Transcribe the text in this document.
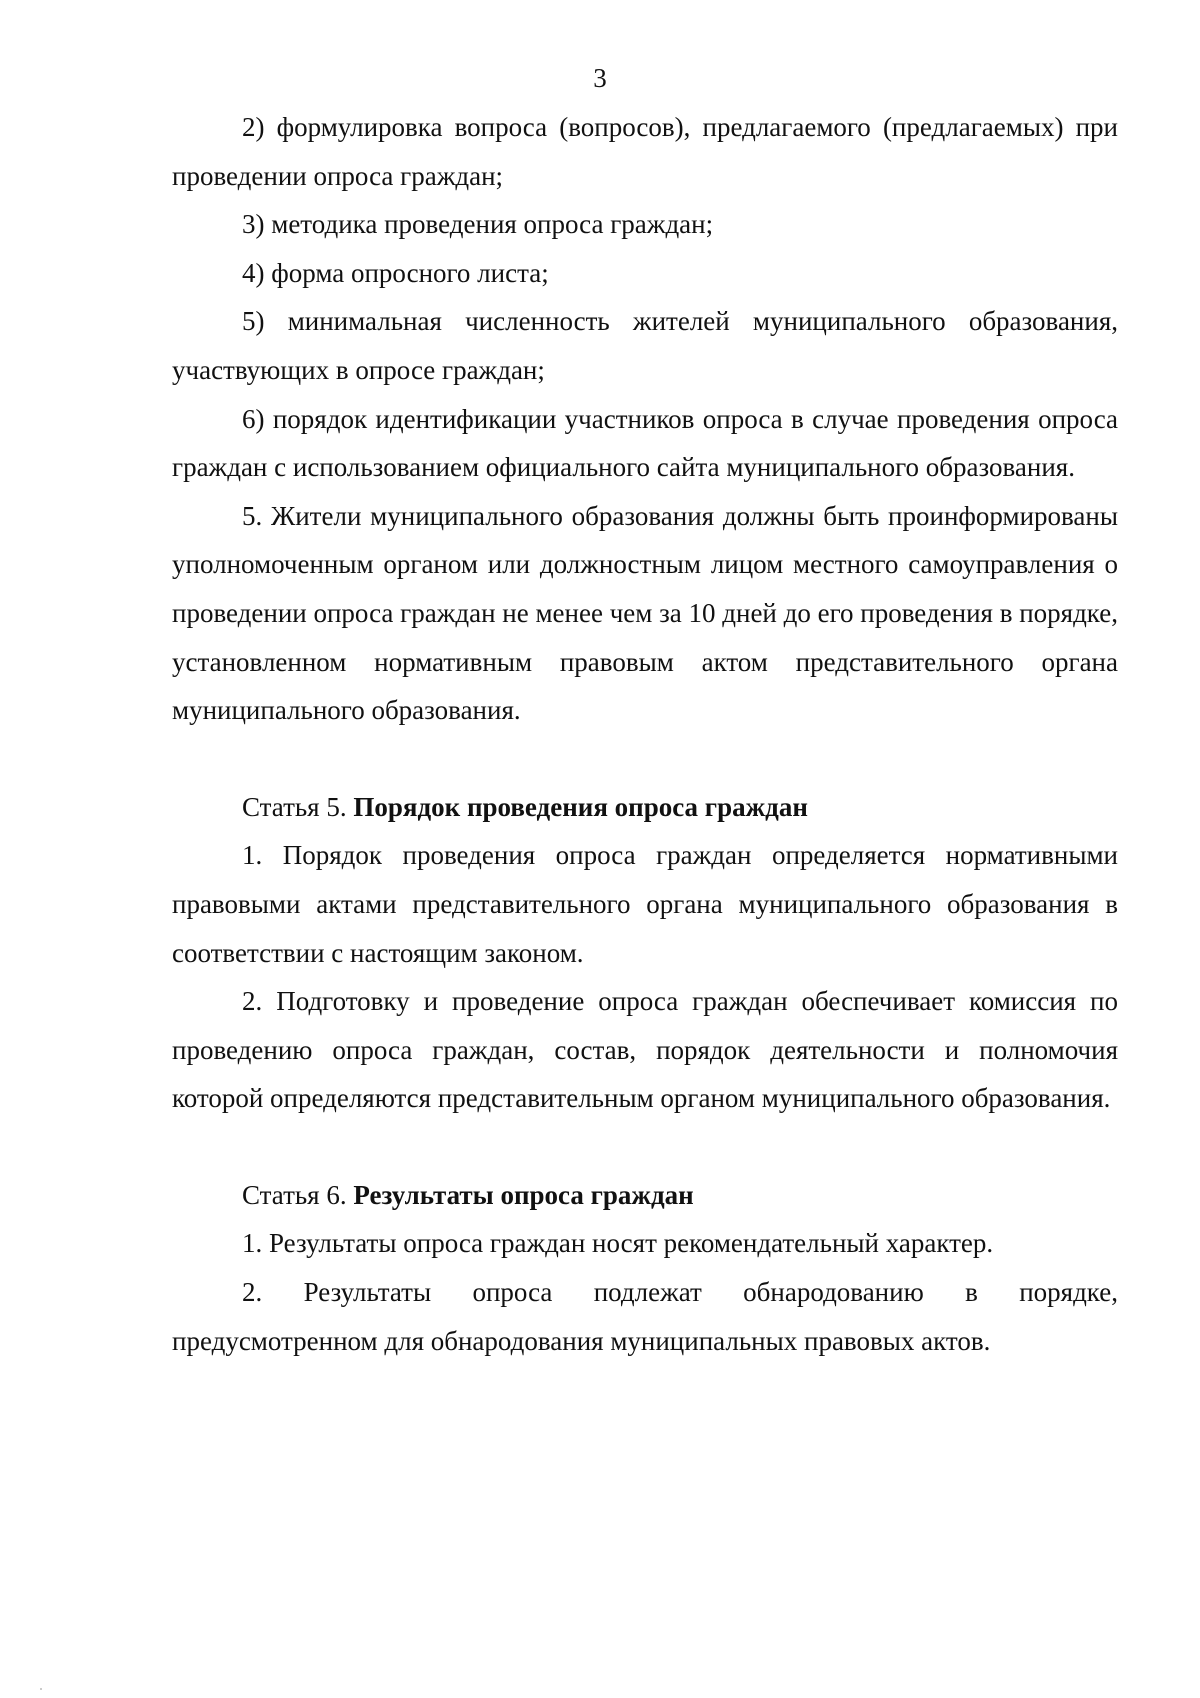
3

2) формулировка вопроса (вопросов), предлагаемого (предлагаемых) при проведении опроса граждан;

3) методика проведения опроса граждан;

4) форма опросного листа;

5) минимальная численность жителей муниципального образования, участвующих в опросе граждан;

6) порядок идентификации участников опроса в случае проведения опроса граждан с использованием официального сайта муниципального образования.

5. Жители муниципального образования должны быть проинформированы уполномоченным органом или должностным лицом местного самоуправления о проведении опроса граждан не менее чем за 10 дней до его проведения в порядке, установленном нормативным правовым актом представительного органа муниципального образования.

Статья 5. Порядок проведения опроса граждан

1. Порядок проведения опроса граждан определяется нормативными правовыми актами представительного органа муниципального образования в соответствии с настоящим законом.

2. Подготовку и проведение опроса граждан обеспечивает комиссия по проведению опроса граждан, состав, порядок деятельности и полномочия которой определяются представительным органом муниципального образования.

Статья 6. Результаты опроса граждан

1. Результаты опроса граждан носят рекомендательный характер.

2. Результаты опроса подлежат обнародованию в порядке, предусмотренном для обнародования муниципальных правовых актов.
